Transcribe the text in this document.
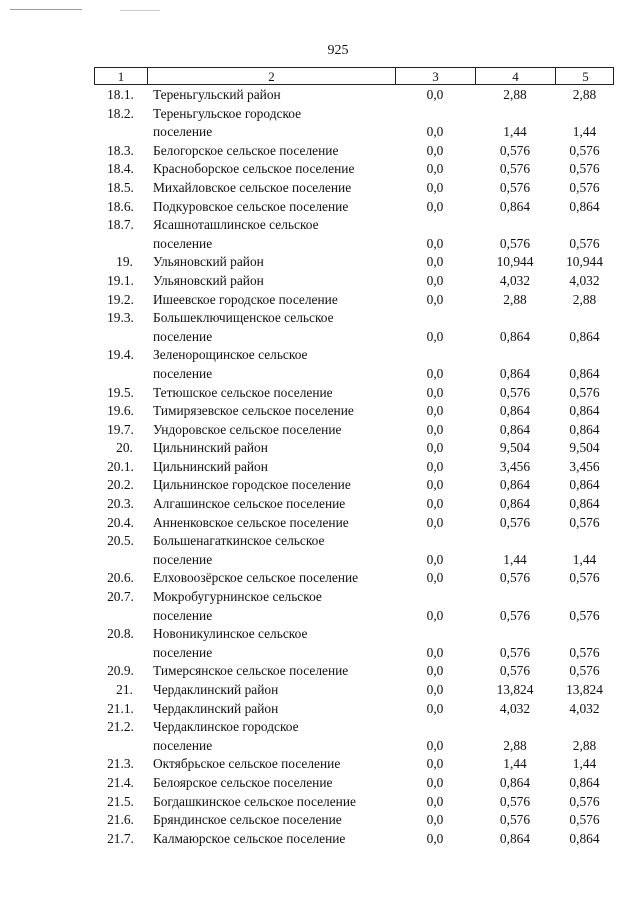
925
1	2	3	4	5
18.1.	Тереньгульский район	0,0	2,88	2,88
18.2.	Тереньгульское городское
поселение	0,0	1,44	1,44
18.3.	Белогорское сельское поселение	0,0	0,576	0,576
18.4.	Красноборское сельское поселение	0,0	0,576	0,576
18.5.	Михайловское сельское поселение	0,0	0,576	0,576
18.6.	Подкуровское сельское поселение	0,0	0,864	0,864
18.7.	Ясашноташлинское сельское
поселение	0,0	0,576	0,576
19.	Ульяновский район	0,0	10,944	10,944
19.1.	Ульяновский район	0,0	4,032	4,032
19.2.	Ишеевское городское поселение	0,0	2,88	2,88
19.3.	Большеключищенское сельское
поселение	0,0	0,864	0,864
19.4.	Зеленорощинское сельское
поселение	0,0	0,864	0,864
19.5.	Тетюшское сельское поселение	0,0	0,576	0,576
19.6.	Тимирязевское сельское поселение	0,0	0,864	0,864
19.7.	Ундоровское сельское поселение	0,0	0,864	0,864
20.	Цильнинский район	0,0	9,504	9,504
20.1.	Цильнинский район	0,0	3,456	3,456
20.2.	Цильнинское городское поселение	0,0	0,864	0,864
20.3.	Алгашинское сельское поселение	0,0	0,864	0,864
20.4.	Анненковское сельское поселение	0,0	0,576	0,576
20.5.	Большенагаткинское сельское
поселение	0,0	1,44	1,44
20.6.	Елховоозёрское сельское поселение	0,0	0,576	0,576
20.7.	Мокробугурнинское сельское
поселение	0,0	0,576	0,576
20.8.	Новоникулинское сельское
поселение	0,0	0,576	0,576
20.9.	Тимерсянское сельское поселение	0,0	0,576	0,576
21.	Чердаклинский район	0,0	13,824	13,824
21.1.	Чердаклинский район	0,0	4,032	4,032
21.2.	Чердаклинское городское
поселение	0,0	2,88	2,88
21.3.	Октябрьское сельское поселение	0,0	1,44	1,44
21.4.	Белоярское сельское поселение	0,0	0,864	0,864
21.5.	Богдашкинское сельское поселение	0,0	0,576	0,576
21.6.	Бряндинское сельское поселение	0,0	0,576	0,576
21.7.	Калмаюрское сельское поселение	0,0	0,864	0,864
